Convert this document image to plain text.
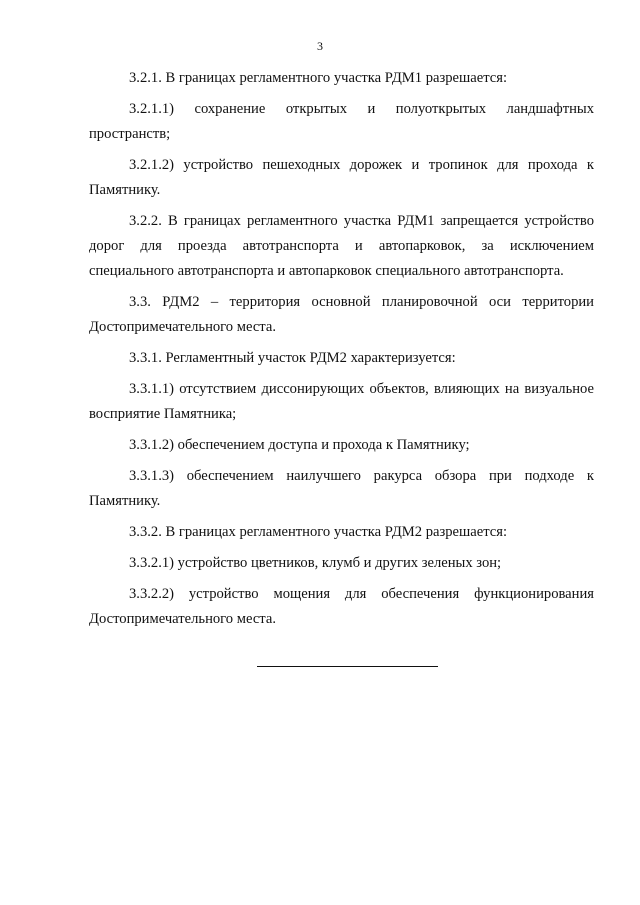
3

3.2.1. В границах регламентного участка РДМ1 разрешается:

3.2.1.1) сохранение открытых и полуоткрытых ландшафтных пространств;

3.2.1.2) устройство пешеходных дорожек и тропинок для прохода к Памятнику.

3.2.2. В границах регламентного участка РДМ1 запрещается устройство дорог для проезда автотранспорта и автопарковок, за исключением специального автотранспорта и автопарковок специального автотранспорта.

3.3. РДМ2 – территория основной планировочной оси территории Достопримечательного места.

3.3.1. Регламентный участок РДМ2 характеризуется:

3.3.1.1) отсутствием диссонирующих объектов, влияющих на визуальное восприятие Памятника;

3.3.1.2) обеспечением доступа и прохода к Памятнику;

3.3.1.3) обеспечением наилучшего ракурса обзора при подходе к Памятнику.

3.3.2. В границах регламентного участка РДМ2 разрешается:

3.3.2.1) устройство цветников, клумб и других зеленых зон;

3.3.2.2) устройство мощения для обеспечения функционирования Достопримечательного места.
